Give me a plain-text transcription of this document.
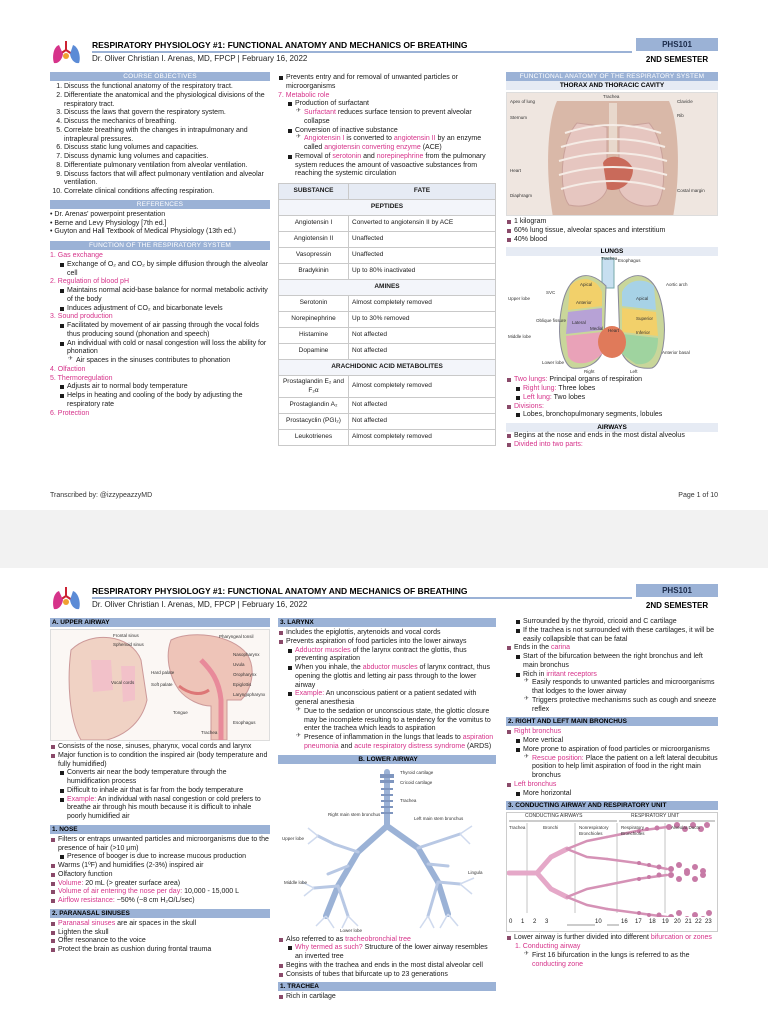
RESPIRATORY PHYSIOLOGY #1: FUNCTIONAL ANATOMY AND MECHANICS OF BREATHING
Dr. Oliver Christian I. Arenas, MD, FPCP | February 16, 2022
PHS101
2ND SEMESTER
COURSE OBJECTIVES
1. Discuss the functional anatomy of the respiratory tract.
2. Differentiate the anatomical and the physiological divisions of the respiratory tract.
3. Discuss the laws that govern the respiratory system.
4. Discuss the mechanics of breathing.
5. Correlate breathing with the changes in intrapulmonary and intrapleural pressures.
6. Discuss static lung volumes and capacities.
7. Discuss dynamic lung volumes and capacities.
8. Differentiate pulmonary ventilation from alveolar ventilation.
9. Discuss factors that will affect pulmonary ventilation and alveolar ventilation.
10. Correlate clinical conditions affecting respiration.
REFERENCES
• Dr. Arenas' powerpoint presentation
• Berne and Levy Physiology [7th ed.]
• Guyton and Hall Textbook of Medical Physiology (13th ed.)
FUNCTION OF THE RESPIRATORY SYSTEM
1. Gas exchange
Exchange of O₂ and CO₂ by simple diffusion through the alveolar cell
2. Regulation of blood pH
Maintains normal acid-base balance for normal metabolic activity of the body
Induces adjustment of CO₂ and bicarbonate levels
3. Sound production
Facilitated by movement of air passing through the vocal folds thus producing sound (phonation and speech)
An individual with cold or nasal congestion will loss the ability for phonation
✈ Air spaces in the sinuses contributes to phonation
4. Olfaction
5. Thermoregulation
Adjusts air to normal body temperature
Helps in heating and cooling of the body by adjusting the respiratory rate
6. Protection
Prevents entry and for removal of unwanted particles or microorganisms
7. Metabolic role
Production of surfactant
✈ Surfactant reduces surface tension to prevent alveolar collapse
Conversion of inactive substance
✈ Angiotensin I is converted to angiotensin II by an enzyme called angiotensin converting enzyme (ACE)
Removal of serotonin and norepinephrine from the pulmonary system reduces the amount of vasoactive substances from reaching the systemic circulation
SUBSTANCE	FATE
PEPTIDES	
Angiotensin I	Converted to angiotensin II by ACE
Angiotensin II	Unaffected
Vasopressin	Unaffected
Bradykinin	Up to 80% inactivated
AMINES	
Serotonin	Almost completely removed
Norepinephrine	Up to 30% removed
Histamine	Not affected
Dopamine	Not affected
ARACHIDONIC ACID METABOLITES	
Prostaglandin E₂ and F₂α	Almost completely removed
Prostaglandin A₂	Not affected
Prostacyclin (PGI₂)	Not affected
Leukotrienes	Almost completely removed
FUNCTIONAL ANATOMY OF THE RESPIRATORY SYSTEM
THORAX AND THORACIC CAVITY
Trachea
Apex of lung	Clavicle
Sternum
Heart
Diaphragm
Costal margin
Rib
1 kilogram
60% lung tissue, alveolar spaces and interstitium
40% blood
LUNGS
Trachea Esophagus
Apical	Aortic arch
SVC
Upper lobe
Anterior
Oblique fissure
Middle lobe
Lateral
Medial Heart	Inferior
Lower lobe
Right	Left
Superior
Anterior basal
Apical
Two lungs: Principal organs of respiration
Right lung: Three lobes
Left lung: Two lobes
Divisions:
Lobes, bronchopulmonary segments, lobules
AIRWAYS
Begins at the nose and ends in the most distal alveolus
Divided into two parts:
Transcribed by: @izzypeazzyMD	Page 1 of 10
RESPIRATORY PHYSIOLOGY #1: FUNCTIONAL ANATOMY AND MECHANICS OF BREATHING
Dr. Oliver Christian I. Arenas, MD, FPCP | February 16, 2022
PHS101
2ND SEMESTER
A. UPPER AIRWAY
Frontal sinus
Sphenoid sinus
Pharyngeal tonsil
Nasopharynx
Uvula
Oropharynx
Epiglottis
Laryngopharynx
Vocal cords
Esophagus
Trachea
Hard palate
Soft palate
Tongue
Consists of the nose, sinuses, pharynx, vocal cords and larynx
Major function is to condition the inspired air (body temperature and fully humidified)
Converts air near the body temperature through the humidification process
Difficult to inhale air that is far from the body temperature
Example: An individual with nasal congestion or cold prefers to breathe air through his mouth because it is difficult to inhale poorly humidified air
1. NOSE
Filters or entraps unwanted particles and microorganisms due to the presence of hair (>10 μm)
Presence of booger is due to increase mucous production
Warms (1ºF) and humidifies (2-3%) inspired air
Olfactory function
Volume: 20 mL (> greater surface area)
Volume of air entering the nose per day: 10,000 - 15,000 L
Airflow resistance: ~50% (~8 cm H₂O/L/sec)
2. PARANASAL SINUSES
Paranasal sinuses are air spaces in the skull
Lighten the skull
Offer resonance to the voice
Protect the brain as cushion during frontal trauma
3. LARYNX
Includes the epiglottis, arytenoids and vocal cords
Prevents aspiration of food particles into the lower airways
Adductor muscles of the larynx contract the glottis, thus preventing aspiration
When you inhale, the abductor muscles of larynx contract, thus opening the glottis and letting air pass through to the lower airway
Example: An unconscious patient or a patient sedated with general anesthesia
✈ Due to the sedation or unconscious state, the glottic closure may be incomplete resulting to a tendency for the vomitus to enter the trachea which leads to aspiration
✈ Presence of inflammation in the lungs that leads to aspiration pneumonia and acute respiratory distress syndrome (ARDS)
B. LOWER AIRWAY
Thyroid cartilage
Cricoid cartilage
Trachea
Right main stem bronchus
Left main stem bronchus
Upper lobe
Middle lobe
Lower lobe
Lingula
Also referred to as tracheobronchial tree
Why termed as such? Structure of the lower airway resembles an inverted tree
Begins with the trachea and ends in the most distal alveolar cell
Consists of tubes that bifurcate up to 23 generations
1. TRACHEA
Rich in cartilage
Surrounded by the thyroid, cricoid and C cartilage
If the trachea is not surrounded with these cartilages, it will be easily collapsible that can be fatal
Ends in the carina
Start of the bifurcation between the right bronchus and left main bronchus
Rich in irritant receptors
✈ Easily responds to unwanted particles and microorganisms that lodges to the lower airway
✈ Triggers protective mechanisms such as cough and sneeze reflex
2. RIGHT AND LEFT MAIN BRONCHUS
Right bronchus
More vertical
More prone to aspiration of food particles or microorganisms
✈ Rescue position: Place the patient on a left lateral decubitus position to help limit aspiration of food in the right main bronchus
Left bronchus
More horizontal
3. CONDUCTING AIRWAY AND RESPIRATORY UNIT
CONDUCTING AIRWAYS	RESPIRATORY UNIT
Trachea	Bronchi	Nonrespiratory Bronchioles
Respiratory Bronchioles
Alveolar Ducts
0 1 2 3	10	16 17 18 19 20 21 22 23
Lower airway is further divided into different bifurcation or zones
1. Conducting airway
✈ First 16 bifurcation in the lungs is referred to as the conducting zone
